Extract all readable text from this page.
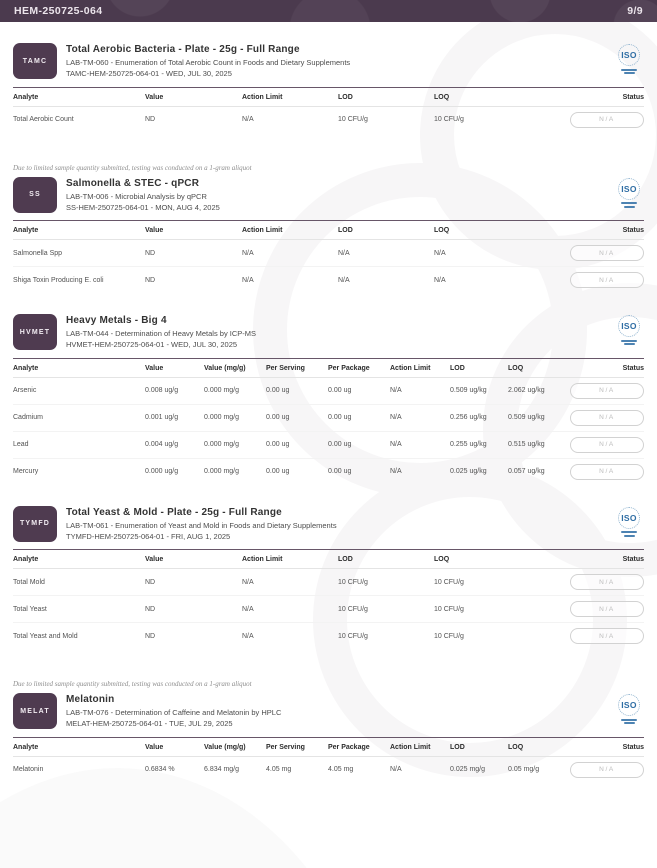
HEM-250725-064	9/9
TAMC
Total Aerobic Bacteria - Plate - 25g - Full Range
LAB-TM-060 - Enumeration of Total Aerobic Count in Foods and Dietary Supplements
TAMC-HEM-250725-064-01 - WED, JUL 30, 2025
ISO
Analyte	Value	Action Limit	LOD	LOQ	Status
Total Aerobic Count	ND	N/A	10 CFU/g	10 CFU/g	N/A
Due to limited sample quantity submitted, testing was conducted on a 1-gram aliquot
SS
Salmonella & STEC - qPCR
LAB-TM-006 - Microbial Analysis by qPCR
SS-HEM-250725-064-01 - MON, AUG 4, 2025
ISO
Analyte	Value	Action Limit	LOD	LOQ	Status
Salmonella Spp	ND	N/A	N/A	N/A	N/A
Shiga Toxin Producing E. coli	ND	N/A	N/A	N/A	N/A
HVMET
Heavy Metals - Big 4
LAB-TM-044 - Determination of Heavy Metals by ICP-MS
HVMET-HEM-250725-064-01 - WED, JUL 30, 2025
ISO
Analyte	Value	Value (mg/g)	Per Serving	Per Package	Action Limit	LOD	LOQ	Status
Arsenic	0.008 ug/g	0.000 mg/g	0.00 ug	0.00 ug	N/A	0.509 ug/kg	2.062 ug/kg	N/A
Cadmium	0.001 ug/g	0.000 mg/g	0.00 ug	0.00 ug	N/A	0.256 ug/kg	0.509 ug/kg	N/A
Lead	0.004 ug/g	0.000 mg/g	0.00 ug	0.00 ug	N/A	0.255 ug/kg	0.515 ug/kg	N/A
Mercury	0.000 ug/g	0.000 mg/g	0.00 ug	0.00 ug	N/A	0.025 ug/kg	0.057 ug/kg	N/A
TYMFD
Total Yeast & Mold - Plate - 25g - Full Range
LAB-TM-061 - Enumeration of Yeast and Mold in Foods and Dietary Supplements
TYMFD-HEM-250725-064-01 - FRI, AUG 1, 2025
ISO
Analyte	Value	Action Limit	LOD	LOQ	Status
Total Mold	ND	N/A	10 CFU/g	10 CFU/g	N/A
Total Yeast	ND	N/A	10 CFU/g	10 CFU/g	N/A
Total Yeast and Mold	ND	N/A	10 CFU/g	10 CFU/g	N/A
Due to limited sample quantity submitted, testing was conducted on a 1-gram aliquot
MELAT
Melatonin
LAB-TM-076 - Determination of Caffeine and Melatonin by HPLC
MELAT-HEM-250725-064-01 - TUE, JUL 29, 2025
ISO
Analyte	Value	Value (mg/g)	Per Serving	Per Package	Action Limit	LOD	LOQ	Status
Melatonin	0.6834 %	6.834 mg/g	4.05 mg	4.05 mg	N/A	0.025 mg/g	0.05 mg/g	N/A
